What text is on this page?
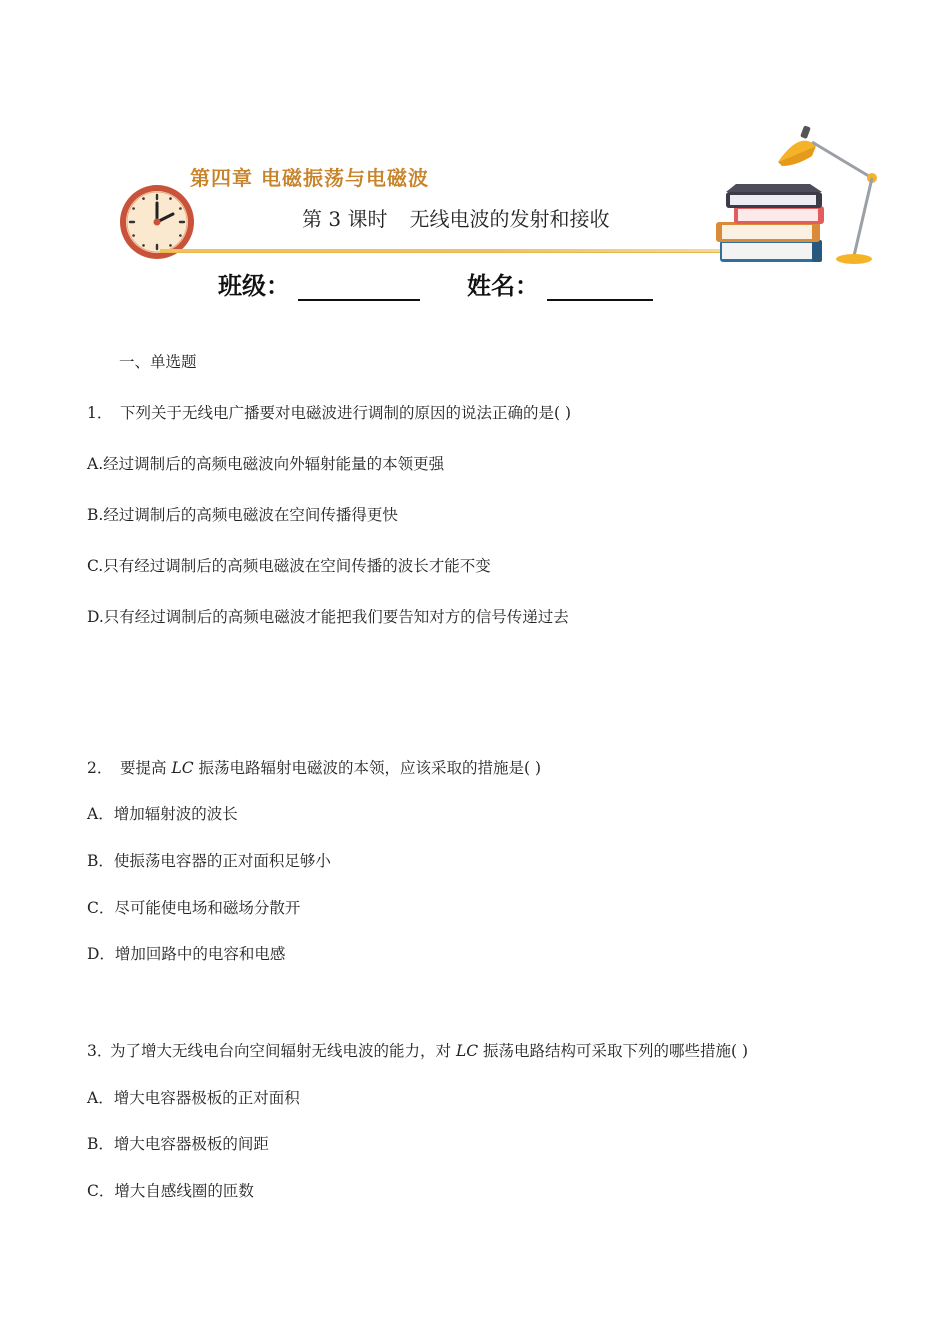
第四章 电磁振荡与电磁波
第 3 课时 无线电波的发射和接收
班级：	姓名：
一、单选题
1． 下列关于无线电广播要对电磁波进行调制的原因的说法正确的是( )
A.经过调制后的高频电磁波向外辐射能量的本领更强
B.经过调制后的高频电磁波在空间传播得更快
C.只有经过调制后的高频电磁波在空间传播的波长才能不变
D.只有经过调制后的高频电磁波才能把我们要告知对方的信号传递过去
2． 要提高 LC 振荡电路辐射电磁波的本领，应该采取的措施是( )
A．增加辐射波的波长
B．使振荡电容器的正对面积足够小
C．尽可能使电场和磁场分散开
D．增加回路中的电容和电感
3．
为了增大无线电台向空间辐射无线电波的能力，对 LC 振荡电路结构可采取下列的哪些措施( )
A．增大电容器极板的正对面积
B．增大电容器极板的间距
C．增大自感线圈的匝数
